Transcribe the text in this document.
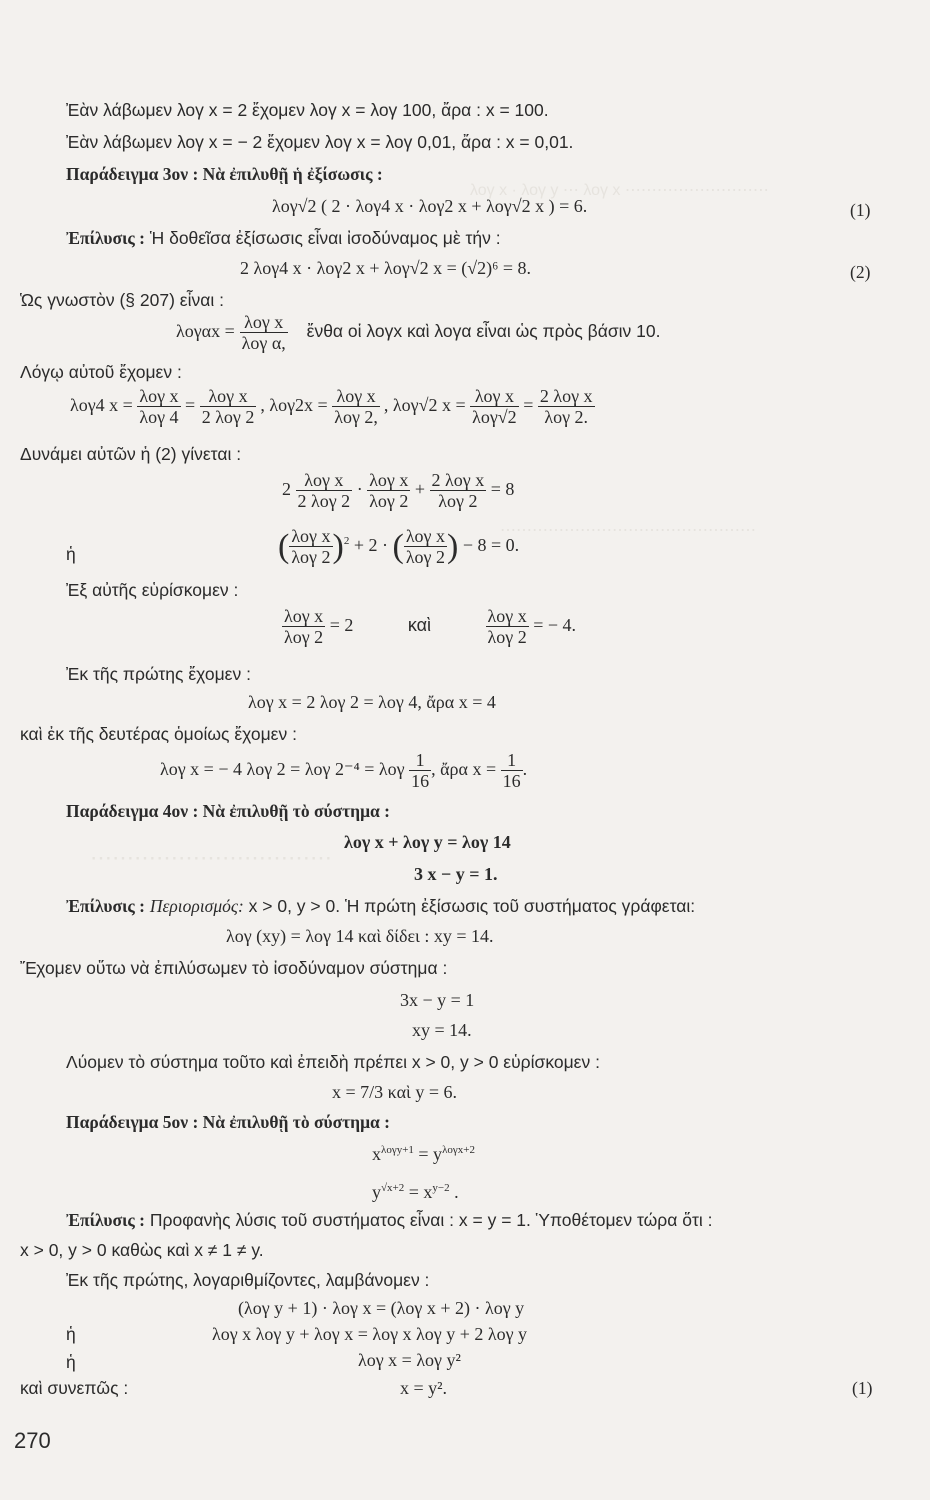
λογ x · λογ y ⋯ λογ x ⋯⋯⋯⋯⋯⋯⋯⋯⋯
⋯⋯⋯⋯⋯⋯⋯⋯⋯⋯⋯⋯⋯⋯⋯⋯
⋯⋯⋯⋯⋯⋯⋯⋯⋯⋯⋯
Ἐὰν λάβωμεν λογ x = 2 ἔχομεν λογ x = λογ 100, ἄρα : x = 100.
Ἐὰν λάβωμεν λογ x = − 2 ἔχομεν λογ x = λογ 0,01, ἄρα : x = 0,01.
Παράδειγμα 3ον : Νὰ ἐπιλυθῇ ἡ ἐξίσωσις :
λογ√2 ( 2 · λογ4 x · λογ2 x + λογ√2 x ) = 6.	(1)
Ἐπίλυσις : Ἡ δοθεῖσα ἐξίσωσις εἶναι ἰσοδύναμος μὲ τήν :
2 λογ4 x · λογ2 x + λογ√2 x = (√2)⁶ = 8.	(2)
Ὡς γνωστὸν (§ 207) εἶναι :
$\lambda o\gamma\alpha x = \frac{\text{λογ x}}{\text{λογ α,}}$ ἔνθα οἱ λογx καὶ λογα εἶναι ὡς πρὸς βάσιν 10.
Λόγῳ αὐτοῦ ἔχομεν :
λογ4 $x = \frac{\text{λογ x}}{\text{λογ 4}} = \frac{\text{λογ x}}{\text{2 λογ 2}}$ , $\lambda o\gamma 2x = \frac{\text{λογ x}}{\text{λογ 2,}}$ , λογ√2 $x = \frac{\text{λογ x}}{\text{λογ√2}} = \frac{\text{2 λογ x}}{\text{λογ 2.}}$
Δυνάμει αὐτῶν ἡ (2) γίνεται :
$2 \frac{\text{λογ x}}{\text{2 λογ 2}} \cdot \frac{\text{λογ x}}{\text{λογ 2}} + \frac{\text{2 λογ x}}{\text{λογ 2}} = 8$
ἡ	( $\frac{\text{λογ x}}{\text{λογ 2}} )^2 + 2$ · ( $\frac{\text{λογ x}}{\text{λογ 2}}$ ) − 8 = 0.
Ἐξ αὐτῆς εὑρίσκομεν :
$\frac{\text{λογ x}}{\text{λογ 2}} = 2$	καὶ	$\frac{\text{λογ x}}{\text{λογ 2}}$ = − 4.
Ἐκ τῆς πρώτης ἔχομεν :
λογ x = 2 λογ 2 = λογ 4, ἄρα x = 4
καὶ ἐκ τῆς δευτέρας ὁμοίως ἔχομεν :
λογ x = − 4 λογ 2 = λογ 2⁻⁴ = λογ $\frac{1}{16}$ , ἄρα $x = \frac{1}{16}$ .
Παράδειγμα 4ον : Νὰ ἐπιλυθῇ τὸ σύστημα :
λογ x + λογ y = λογ 14
3 x − y = 1.
Ἐπίλυσις : Περιορισμός: x > 0, y > 0. Ἡ πρώτη ἐξίσωσις τοῦ συστήματος γράφεται:
λογ (xy) = λογ 14 καὶ δίδει : xy = 14.
Ἔχομεν οὕτω νὰ ἐπιλύσωμεν τὸ ἰσοδύναμον σύστημα :
3x − y = 1
xy = 14.
Λύομεν τὸ σύστημα τοῦτο καὶ ἐπειδὴ πρέπει x > 0, y > 0 εὑρίσκομεν :
x = 7/3 καὶ y = 6.
Παράδειγμα 5ον : Νὰ ἐπιλυθῇ τὸ σύστημα :
$x^{\lambda o\gamma y+1} = y^{\lambda o\gamma x+2}$
$y^{√x+2} = x^{y-2}$ .
Ἐπίλυσις : Προφανὴς λύσις τοῦ συστήματος εἶναι : x = y = 1. Ὑποθέτομεν τώρα ὅτι :
x > 0, y > 0 καθὼς καὶ x ≠ 1 ≠ y.
Ἐκ τῆς πρώτης, λογαριθμίζοντες, λαμβάνομεν :
(λογ y + 1) · λογ x = (λογ x + 2) · λογ y
ἡ	λογ x λογ y + λογ x = λογ x λογ y + 2 λογ y
ἡ	λογ x = λογ y²
καὶ συνεπῶς :	x = y².	(1)
270
